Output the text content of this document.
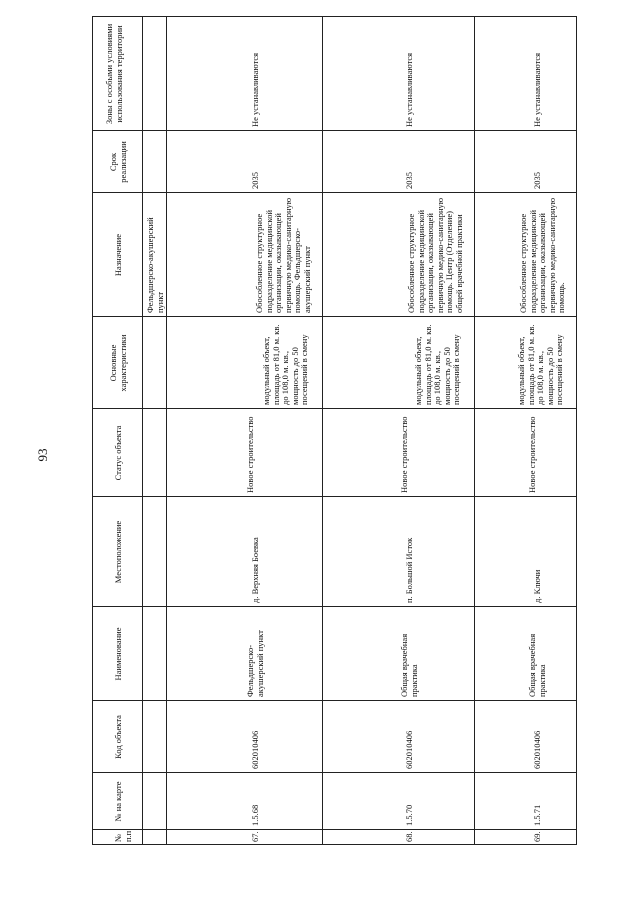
93
Зоны с особыми условиями использования территории
Срок реализации
Назначение
Основные характеристики
Статус объекта
Местоположение
Наименование
Код объекта
№ на карте
№ п.п
Фельдшерско-акушерский пункт
Не устанавливаются
2035
Обособленное структурное подразделение медицинской организации, оказывающей первичную медико-санитарную помощь. Фельдшерско-акушерский пункт
модульный объект, площадь от 81,0 м. кв. до 108,0 м. кв., мощность до 50 посещений в смену
Новое строительство
д. Верхняя Боевка
Фельдшерско-акушерский пункт
602010406
1.5.68
67.
Не устанавливаются
2035
Обособленное структурное подразделение медицинской организации, оказывающей первичную медико-санитарную помощь. Центр (Отделение) общей врачебной практики
модульный объект, площадь от 81,0 м. кв. до 108,0 м. кв., мощность до 50 посещений в смену
Новое строительство
п. Большой Исток
Общая врачебная практика
602010406
1.5.70
68.
Не устанавливаются
2035
Обособленное структурное подразделение медицинской организации, оказывающей первичную медико-санитарную помощь.
модульный объект, площадь от 81,0 м. кв. до 108,0 м. кв., мощность до 50 посещений в смену
Новое строительство
д. Ключи
Общая врачебная практика
602010406
1.5.71
69.
